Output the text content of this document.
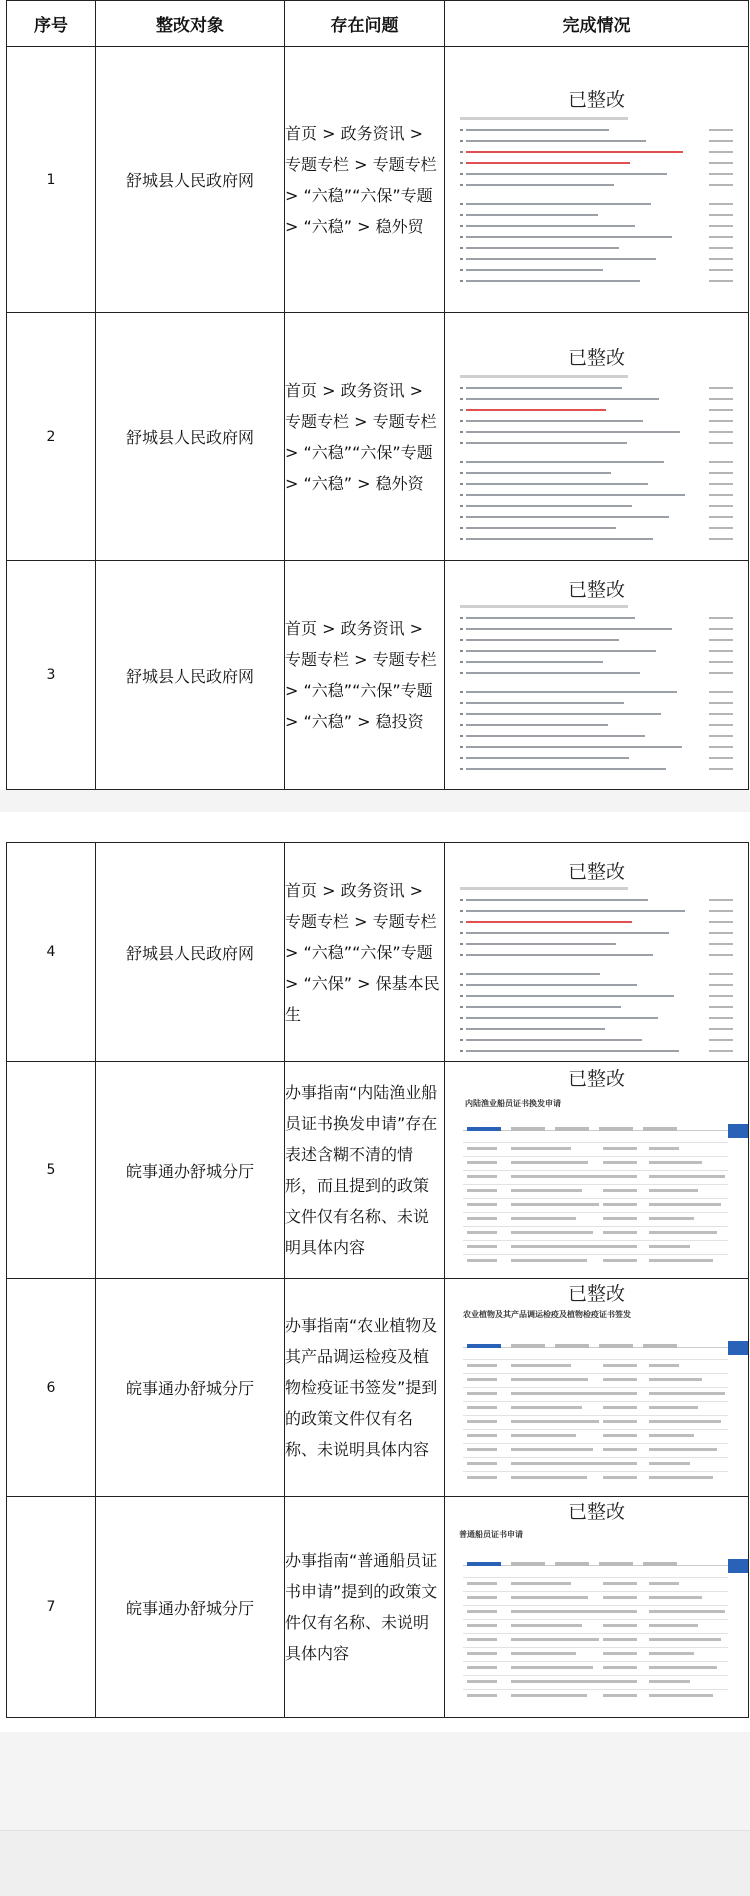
序号	整改对象	存在问题	完成情况
1	舒城县人民政府网	首页 > 政务资讯 > 专题专栏 > 专题专栏 > “六稳”“六保”专题 > “六稳” > 稳外贸	已整改

2	舒城县人民政府网	首页 > 政务资讯 > 专题专栏 > 专题专栏 > “六稳”“六保”专题 > “六稳” > 稳外资	已整改

3	舒城县人民政府网	首页 > 政务资讯 > 专题专栏 > 专题专栏 > “六稳”“六保”专题 > “六稳” > 稳投资	已整改
4	舒城县人民政府网	首页 > 政务资讯 > 专题专栏 > 专题专栏 > “六稳”“六保”专题 > “六保” > 保基本民生	已整改

5	皖事通办舒城分厅	办事指南“内陆渔业船员证书换发申请”存在表述含糊不清的情形，而且提到的政策文件仅有名称、未说明具体内容	已整改
内陆渔业船员证书换发申请

6	皖事通办舒城分厅	办事指南“农业植物及其产品调运检疫及植物检疫证书签发”提到的政策文件仅有名称、未说明具体内容	已整改
农业植物及其产品调运检疫及植物检疫证书签发

7	皖事通办舒城分厅	办事指南“普通船员证书申请”提到的政策文件仅有名称、未说明具体内容	已整改
普通船员证书申请
